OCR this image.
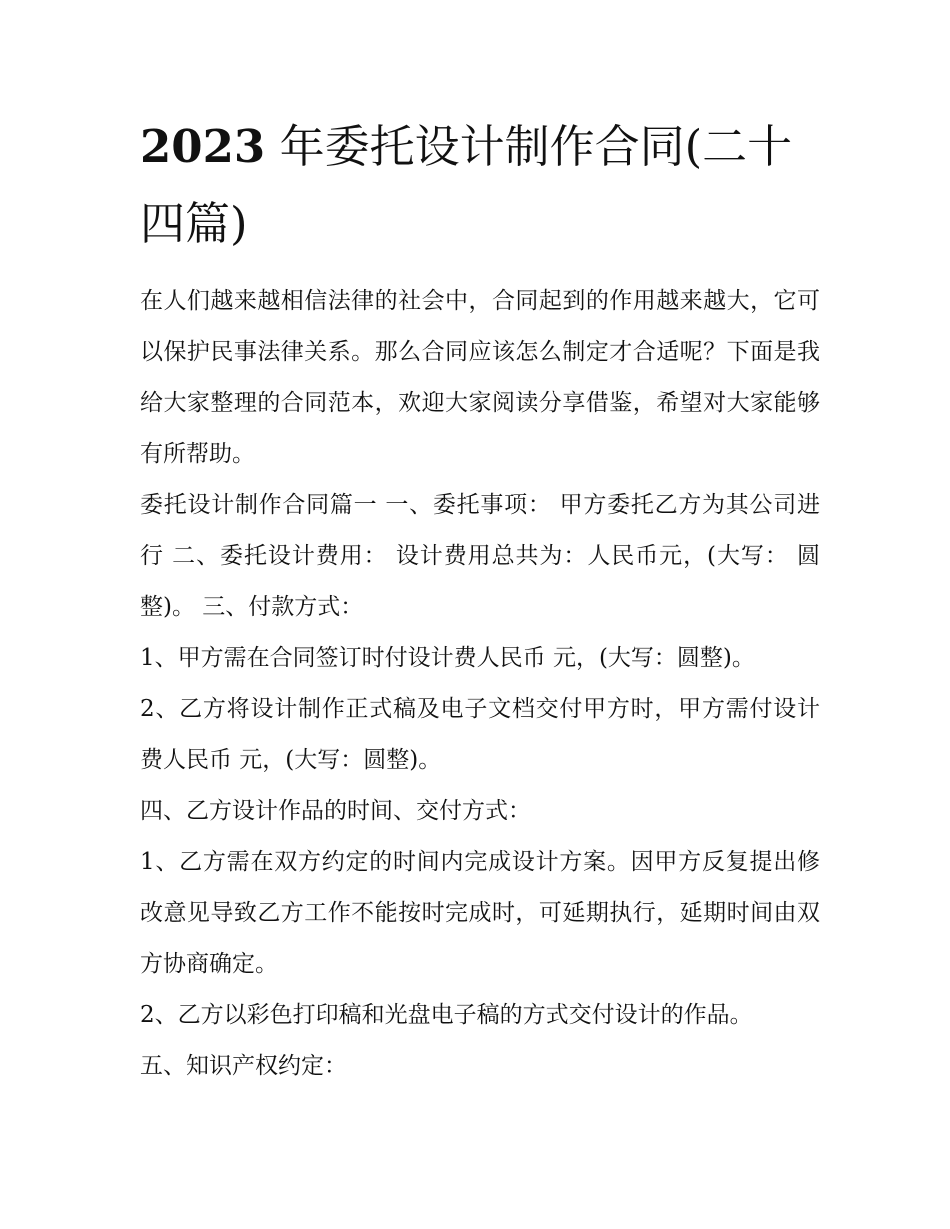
2023 年委托设计制作合同(二十四篇)

在人们越来越相信法律的社会中，合同起到的作用越来越大，它可以保护民事法律关系。那么合同应该怎么制定才合适呢？下面是我给大家整理的合同范本，欢迎大家阅读分享借鉴，希望对大家能够有所帮助。

委托设计制作合同篇一 一、委托事项： 甲方委托乙方为其公司进行 二、委托设计费用： 设计费用总共为：人民币元，(大写： 圆整)。 三、付款方式：

1、甲方需在合同签订时付设计费人民币 元，(大写：圆整)。

2、乙方将设计制作正式稿及电子文档交付甲方时，甲方需付设计费人民币 元，(大写：圆整)。

四、乙方设计作品的时间、交付方式：

1、乙方需在双方约定的时间内完成设计方案。因甲方反复提出修改意见导致乙方工作不能按时完成时，可延期执行，延期时间由双方协商确定。

2、乙方以彩色打印稿和光盘电子稿的方式交付设计的作品。

五、知识产权约定：
